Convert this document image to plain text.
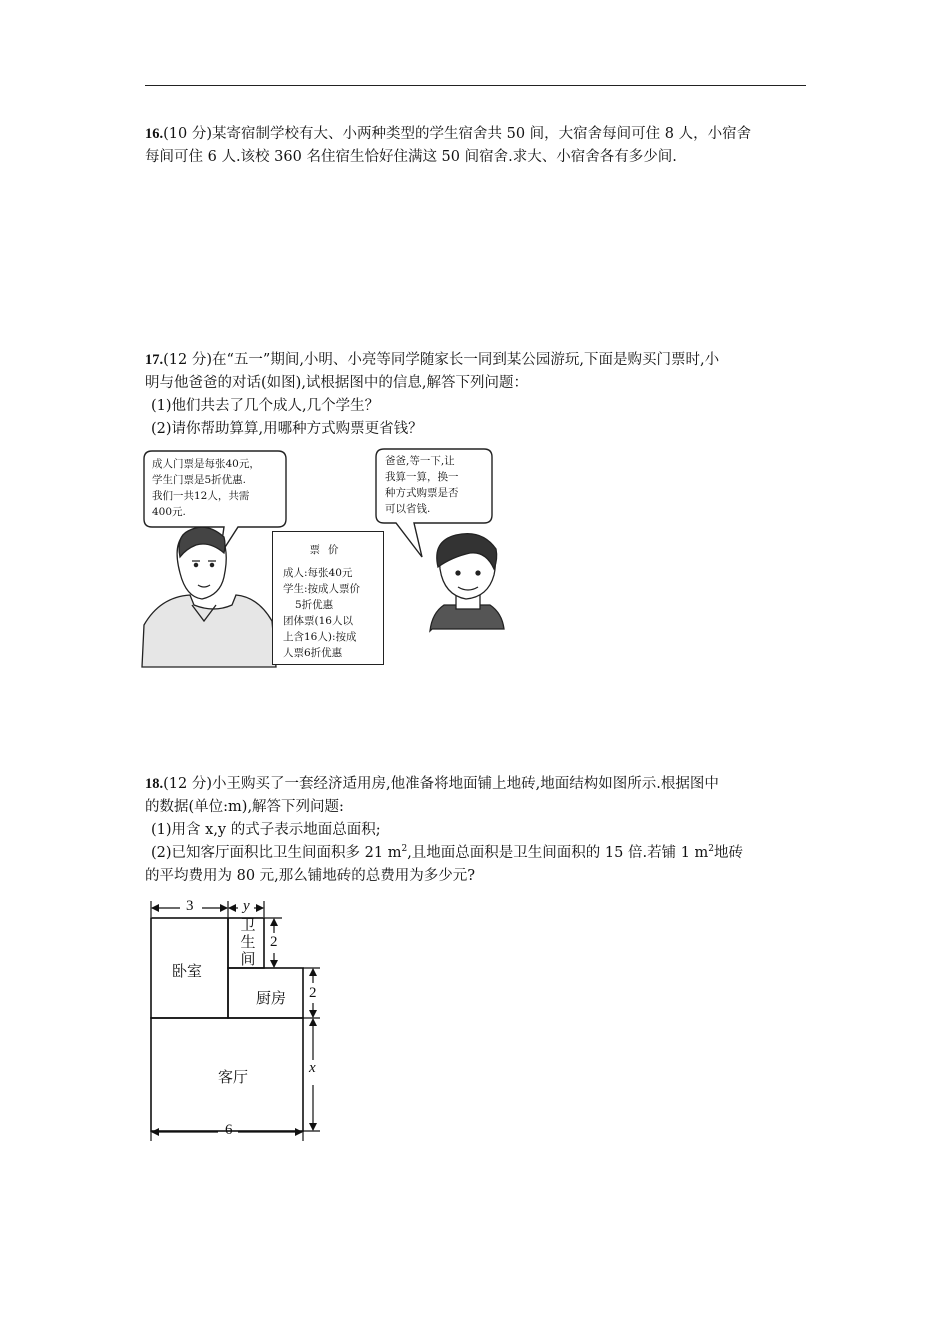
16.(10 分)某寄宿制学校有大、小两种类型的学生宿舍共 50 间，大宿舍每间可住 8 人，小宿舍
每间可住 6 人.该校 360 名住宿生恰好住满这 50 间宿舍.求大、小宿舍各有多少间.
17.(12 分)在“五一”期间,小明、小亮等同学随家长一同到某公园游玩,下面是购买门票时,小
明与他爸爸的对话(如图),试根据图中的信息,解答下列问题：
(1)他们共去了几个成人,几个学生？
(2)请你帮助算算,用哪种方式购票更省钱？
成人门票是每张40元，
学生门票是5折优惠.
我们一共12人，共需
400元.
爸爸,等一下,让
我算一算，换一
种方式购票是否
可以省钱.
票价
成人:每张40元
学生:按成人票价
5折优惠
团体票(16人以
上含16人):按成
人票6折优惠
18.(12 分)小王购买了一套经济适用房,他准备将地面铺上地砖,地面结构如图所示.根据图中
的数据(单位:m),解答下列问题:
(1)用含 x,y 的式子表示地面总面积;
(2)已知客厅面积比卫生间面积多 21 $m^2$,且地面总面积是卫生间面积的 15 倍.若铺 1 $m^2$地砖
的平均费用为 80 元,那么铺地砖的总费用为多少元?
卧室
卫
生
间
厨房
客厅
3	y
2
2
x
6
